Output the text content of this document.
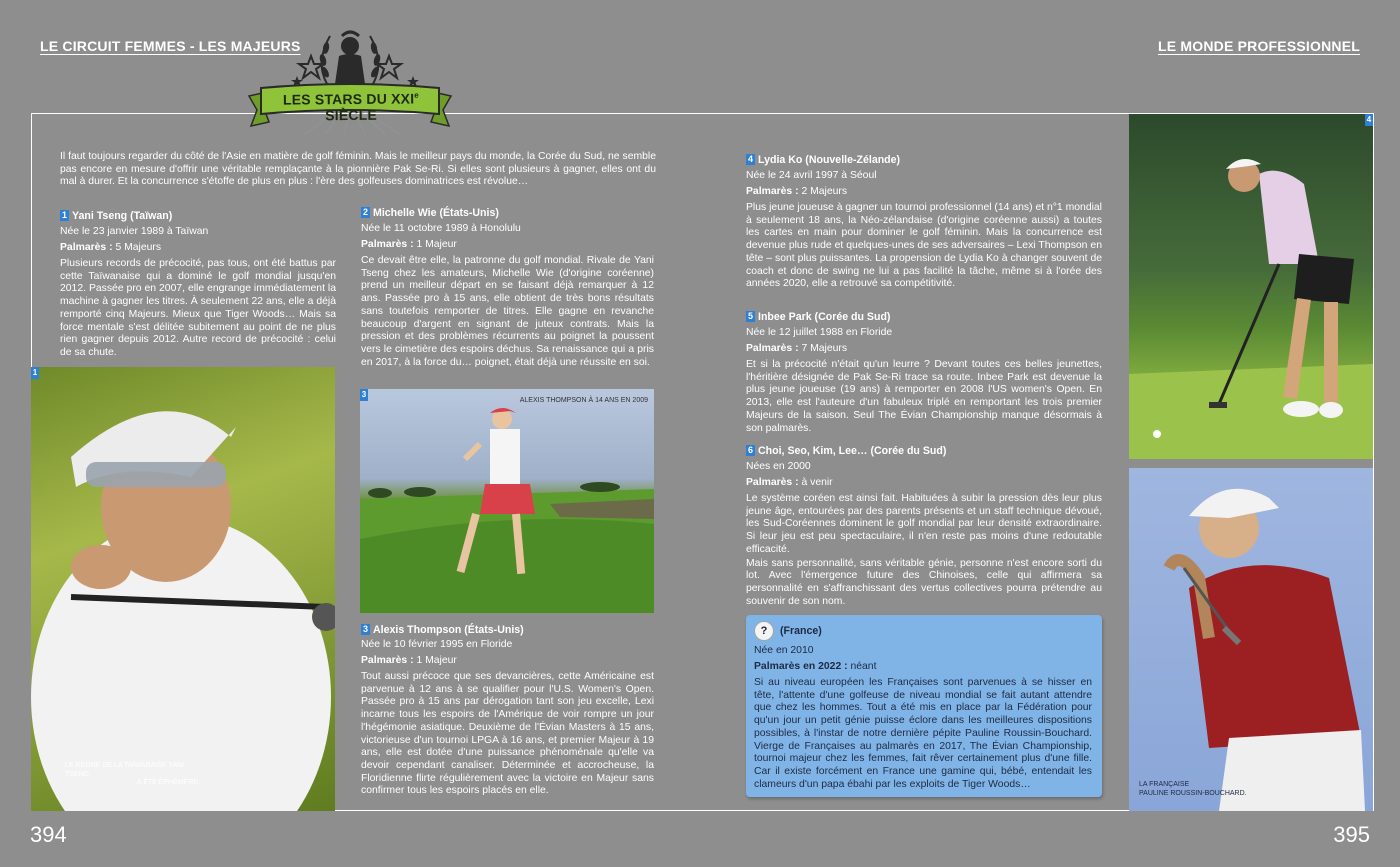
LE CIRCUIT FEMMES - LES MAJEURS	LE MONDE PROFESSIONNEL
LES STARS DU XXIe SIÈCLE
Il faut toujours regarder du côté de l'Asie en matière de golf féminin. Mais le meilleur pays du monde, la Corée du Sud, ne semble pas encore en mesure d'offrir une véritable remplaçante à la pionnière Pak Se-Ri. Si elles sont plusieurs à gagner, elles ont du mal à durer. Et la concurrence s'étoffe de plus en plus : l'ère des golfeuses dominatrices est révolue…
1 Yani Tseng (Taïwan)
Née le 23 janvier 1989 à Taïwan
Palmarès : 5 Majeurs
Plusieurs records de précocité, pas tous, ont été battus par cette Taïwanaise qui a dominé le golf mondial jusqu'en 2012. Passée pro en 2007, elle engrange immédiatement la machine à gagner les titres. À seulement 22 ans, elle a déjà remporté cinq Majeurs. Mieux que Tiger Woods… Mais sa force mentale s'est délitée subitement au point de ne plus rien gagner depuis 2012. Autre record de précocité : celui de sa chute.
2 Michelle Wie (États-Unis)
Née le 11 octobre 1989 à Honolulu
Palmarès : 1 Majeur
Ce devait être elle, la patronne du golf mondial. Rivale de Yani Tseng chez les amateurs, Michelle Wie (d'origine coréenne) prend un meilleur départ en se faisant déjà remarquer à 12 ans. Passée pro à 15 ans, elle obtient de très bons résultats sans toutefois remporter de titres. Elle gagne en revanche beaucoup d'argent en signant de juteux contrats. Mais la pression et des problèmes récurrents au poignet la poussent vers le cimetière des espoirs déchus. Sa renaissance qui a pris en 2017, à la force du… poignet, était déjà une réussite en soi.
1
LE RÈGNE DE LA TAÏWANAISE YANI TSENG
A ÉTÉ ÉPHÉMÈRE.
3
ALEXIS THOMPSON À 14 ANS EN 2009
3 Alexis Thompson (États-Unis)
Née le 10 février 1995 en Floride
Palmarès : 1 Majeur
Tout aussi précoce que ses devancières, cette Américaine est parvenue à 12 ans à se qualifier pour l'U.S. Women's Open. Passée pro à 15 ans par dérogation tant son jeu excelle, Lexi incarne tous les espoirs de l'Amérique de voir rompre un jour l'hégémonie asiatique. Deuxième de l'Évian Masters à 15 ans, victorieuse d'un tournoi LPGA à 16 ans, et premier Majeur à 19 ans, elle est dotée d'une puissance phénoménale qu'elle va devoir cependant canaliser. Déterminée et accrocheuse, la Floridienne flirte régulièrement avec la victoire en Majeur sans confirmer tous les espoirs placés en elle.
4 Lydia Ko (Nouvelle-Zélande)
Née le 24 avril 1997 à Séoul
Palmarès : 2 Majeurs
Plus jeune joueuse à gagner un tournoi professionnel (14 ans) et n°1 mondial à seulement 18 ans, la Néo-zélandaise (d'origine coréenne aussi) a toutes les cartes en main pour dominer le golf féminin. Mais la concurrence est devenue plus rude et quelques-unes de ses adversaires – Lexi Thompson en tête – sont plus puissantes. La propension de Lydia Ko à changer souvent de coach et donc de swing ne lui a pas facilité la tâche, même si à l'orée des années 2020, elle a retrouvé sa compétitivité.
5 Inbee Park (Corée du Sud)
Née le 12 juillet 1988 en Floride
Palmarès : 7 Majeurs
Et si la précocité n'était qu'un leurre ? Devant toutes ces belles jeunettes, l'héritière désignée de Pak Se-Ri trace sa route. Inbee Park est devenue la plus jeune joueuse (19 ans) à remporter en 2008 l'US women's Open. En 2013, elle est l'auteure d'un fabuleux triplé en remportant les trois premier Majeurs de la saison. Seul The Évian Championship manque désormais à son palmarès.
6 Choi, Seo, Kim, Lee… (Corée du Sud)
Nées en 2000
Palmarès : à venir
Le système coréen est ainsi fait. Habituées à subir la pression dès leur plus jeune âge, entourées par des parents présents et un staff technique dévoué, les Sud-Coréennes dominent le golf mondial par leur densité extraordinaire. Si leur jeu est peu spectaculaire, il n'en reste pas moins d'une redoutable efficacité.
Mais sans personnalité, sans véritable génie, personne n'est encore sorti du lot. Avec l'émergence future des Chinoises, celle qui affirmera sa personnalité en s'affranchissant des vertus collectives pourra prétendre au souvenir de son nom.
? (France)
Née en 2010
Palmarès en 2022 : néant
Si au niveau européen les Françaises sont parvenues à se hisser en tête, l'attente d'une golfeuse de niveau mondial se fait autant attendre que chez les hommes. Tout a été mis en place par la Fédération pour qu'un jour un petit génie puisse éclore dans les meilleures dispositions possibles, à l'instar de notre dernière pépite Pauline Roussin-Bouchard. Vierge de Françaises au palmarès en 2017, The Évian Championship, tournoi majeur chez les femmes, fait rêver certainement plus d'une fille. Car il existe forcément en France une gamine qui, bébé, entendait les clameurs d'un papa ébahi par les exploits de Tiger Woods…
4
LA FRANÇAISE
PAULINE ROUSSIN-BOUCHARD.
394	395
